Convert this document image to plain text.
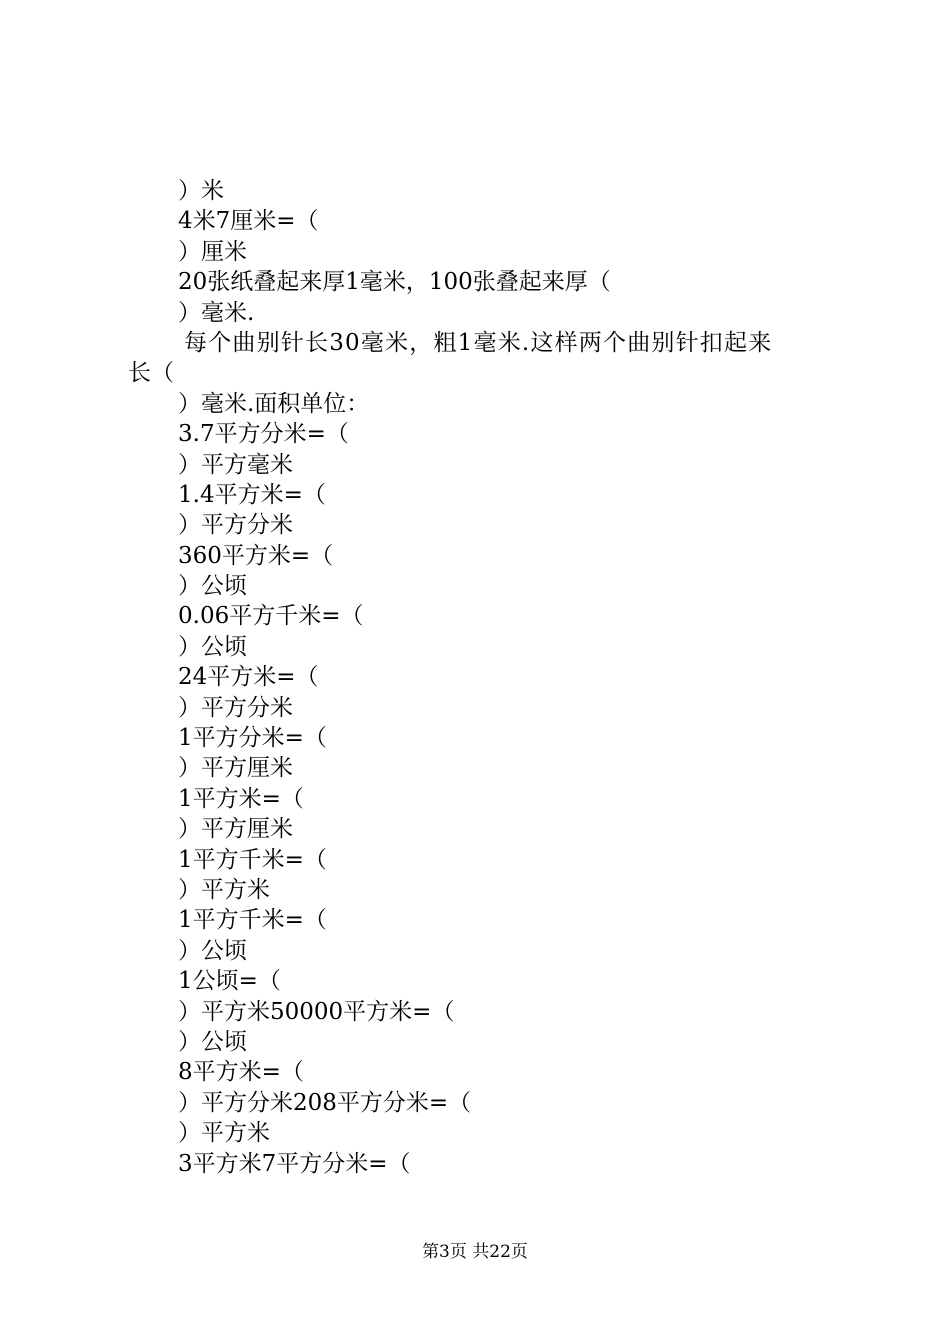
）米
4米7厘米=（
）厘米
20张纸叠起来厚1毫米，100张叠起来厚（
）毫米.
每个曲别针长30毫米，粗1毫米.这样两个曲别针扣起来
长（
）毫米.面积单位：
3.7平方分米=（
）平方毫米
1.4平方米=（
）平方分米
360平方米=（
）公顷
0.06平方千米=（
）公顷
24平方米=（
）平方分米
1平方分米=（
）平方厘米
1平方米=（
）平方厘米
1平方千米=（
）平方米
1平方千米=（
）公顷
1公顷=（
）平方米50000平方米=（
）公顷
8平方米=（
）平方分米208平方分米=（
）平方米
3平方米7平方分米=（
第3页 共22页
